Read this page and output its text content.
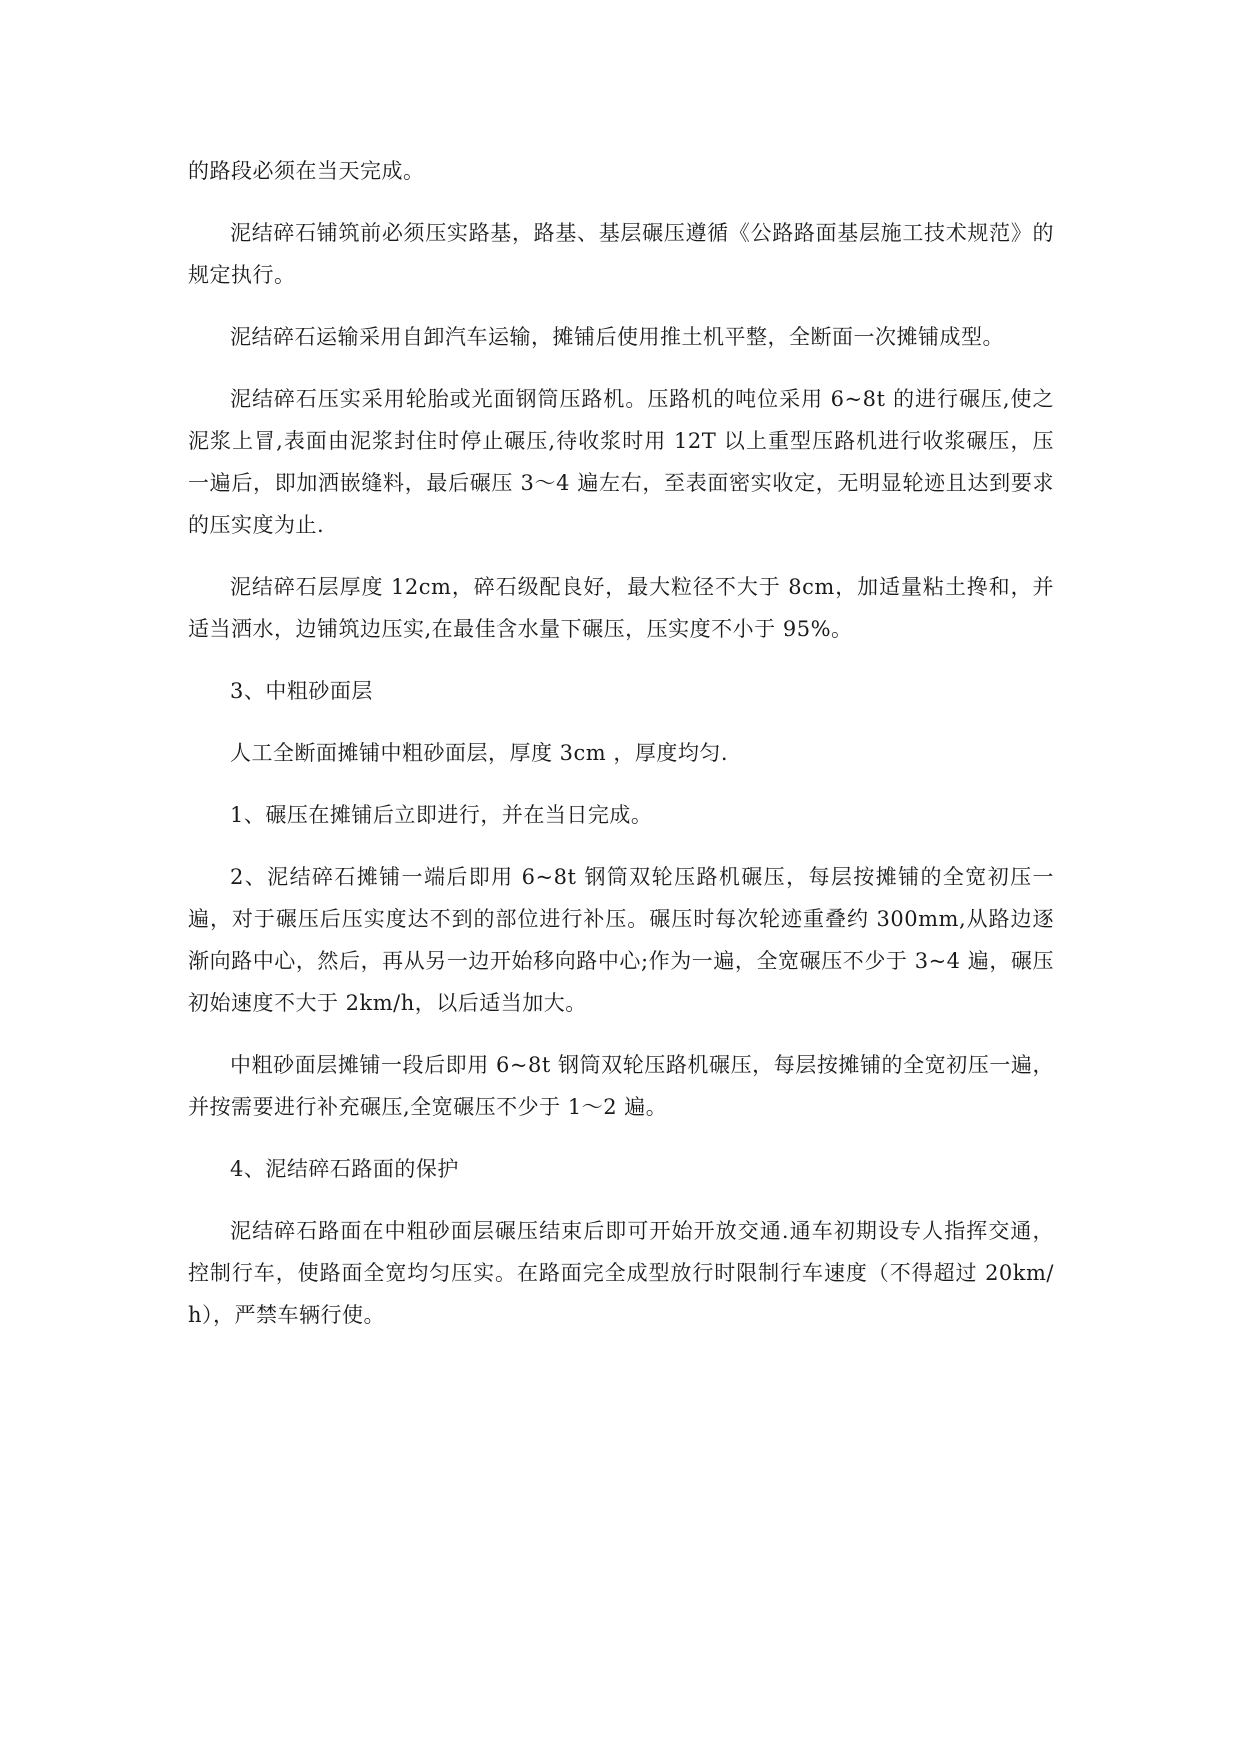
的路段必须在当天完成。

泥结碎石铺筑前必须压实路基，路基、基层碾压遵循《公路路面基层施工技术规范》的规定执行。

泥结碎石运输采用自卸汽车运输，摊铺后使用推土机平整，全断面一次摊铺成型。

泥结碎石压实采用轮胎或光面钢筒压路机。压路机的吨位采用 6~8t 的进行碾压,使之泥浆上冒,表面由泥浆封住时停止碾压,待收浆时用 12T 以上重型压路机进行收浆碾压，压一遍后，即加洒嵌缝料，最后碾压 3～4 遍左右，至表面密实收定，无明显轮迹且达到要求的压实度为止.

泥结碎石层厚度 12cm，碎石级配良好，最大粒径不大于 8cm，加适量粘土搀和，并适当洒水，边铺筑边压实,在最佳含水量下碾压，压实度不小于 95%。

3、中粗砂面层

人工全断面摊铺中粗砂面层，厚度 3cm ，厚度均匀.

1、碾压在摊铺后立即进行，并在当日完成。

2、泥结碎石摊铺一端后即用 6~8t 钢筒双轮压路机碾压，每层按摊铺的全宽初压一遍，对于碾压后压实度达不到的部位进行补压。碾压时每次轮迹重叠约 300mm,从路边逐渐向路中心，然后，再从另一边开始移向路中心;作为一遍，全宽碾压不少于 3~4 遍，碾压初始速度不大于 2km/h，以后适当加大。

中粗砂面层摊铺一段后即用 6~8t 钢筒双轮压路机碾压，每层按摊铺的全宽初压一遍，并按需要进行补充碾压,全宽碾压不少于 1～2 遍。

4、泥结碎石路面的保护

泥结碎石路面在中粗砂面层碾压结束后即可开始开放交通.通车初期设专人指挥交通，控制行车，使路面全宽均匀压实。在路面完全成型放行时限制行车速度（不得超过 20km/h），严禁车辆行使。
